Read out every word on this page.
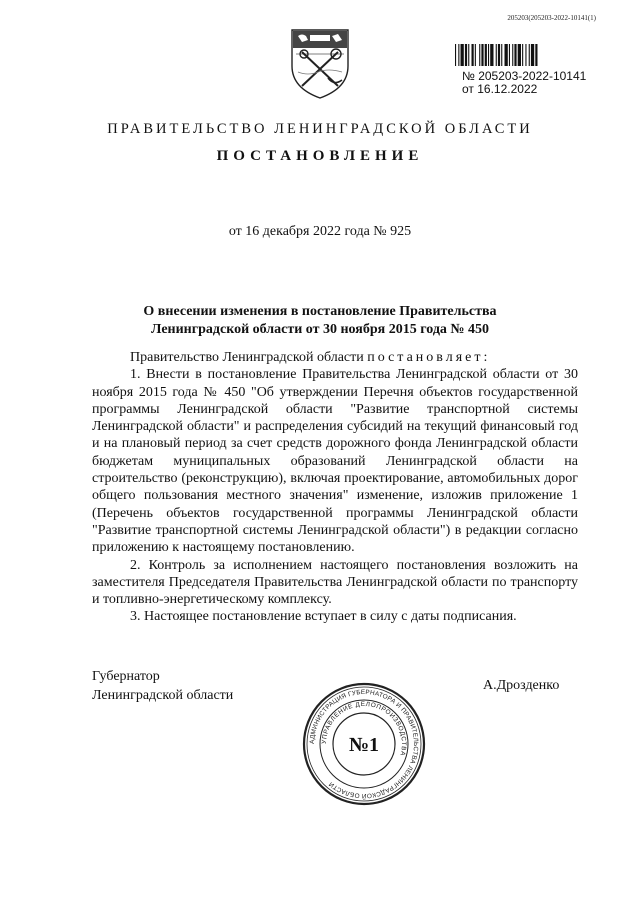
205203(205203-2022-10141(1)
№ 205203-2022-10141
от 16.12.2022
ПРАВИТЕЛЬСТВО ЛЕНИНГРАДСКОЙ ОБЛАСТИ
ПОСТАНОВЛЕНИЕ
от 16 декабря 2022 года № 925
О внесении изменения в постановление Правительства
Ленинградской области от 30 ноября 2015 года № 450

Правительство Ленинградской области постановляет:

1. Внести в постановление Правительства Ленинградской области от 30 ноября 2015 года № 450 "Об утверждении Перечня объектов государственной программы Ленинградской области "Развитие транспортной системы Ленинградской области" и распределения субсидий на текущий финансовый год и на плановый период за счет средств дорожного фонда Ленинградской области бюджетам муниципальных образований Ленинградской области на строительство (реконструкцию), включая проектирование, автомобильных дорог общего пользования местного значения" изменение, изложив приложение 1 (Перечень объектов государственной программы Ленинградской области "Развитие транспортной системы Ленинградской области") в редакции согласно приложению к настоящему постановлению.

2. Контроль за исполнением настоящего постановления возложить на заместителя Председателя Правительства Ленинградской области по транспорту и топливно-энергетическому комплексу.

3. Настоящее постановление вступает в силу с даты подписания.

Губернатор
Ленинградской области
А.Дрозденко
АДМИНИСТРАЦИЯ ГУБЕРНАТОРА И ПРАВИТЕЛЬСТВА ЛЕНИНГРАДСКОЙ ОБЛАСТИ
УПРАВЛЕНИЕ ДЕЛОПРОИЗВОДСТВА
№1
